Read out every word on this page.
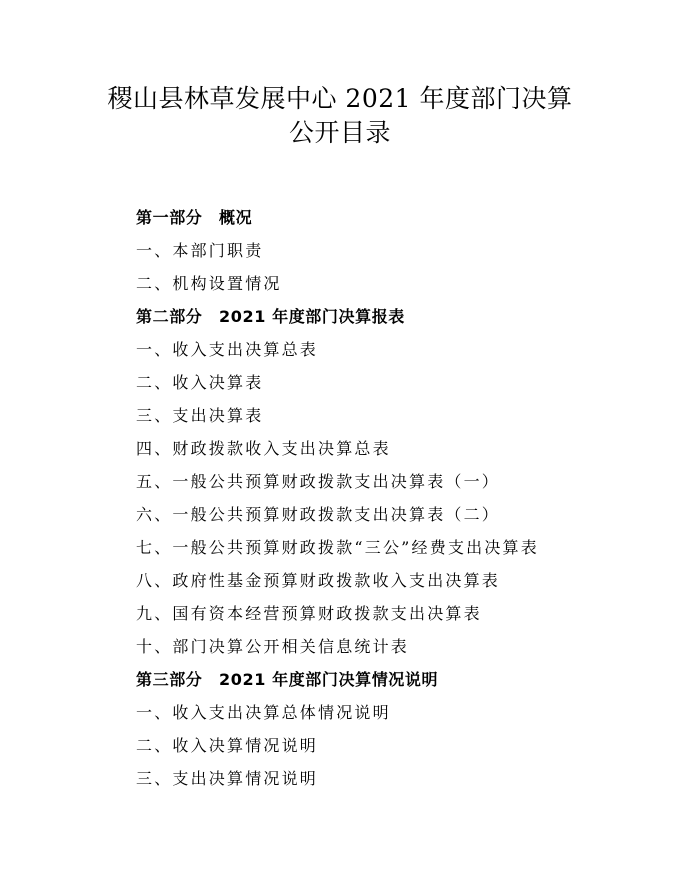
稷山县林草发展中心 2021 年度部门决算
公开目录
第一部分　概况
一、本部门职责
二、机构设置情况
第二部分　2021 年度部门决算报表
一、收入支出决算总表
二、收入决算表
三、支出决算表
四、财政拨款收入支出决算总表
五、一般公共预算财政拨款支出决算表（一）
六、一般公共预算财政拨款支出决算表（二）
七、一般公共预算财政拨款“三公”经费支出决算表
八、政府性基金预算财政拨款收入支出决算表
九、国有资本经营预算财政拨款支出决算表
十、部门决算公开相关信息统计表
第三部分　2021 年度部门决算情况说明
一、收入支出决算总体情况说明
二、收入决算情况说明
三、支出决算情况说明
